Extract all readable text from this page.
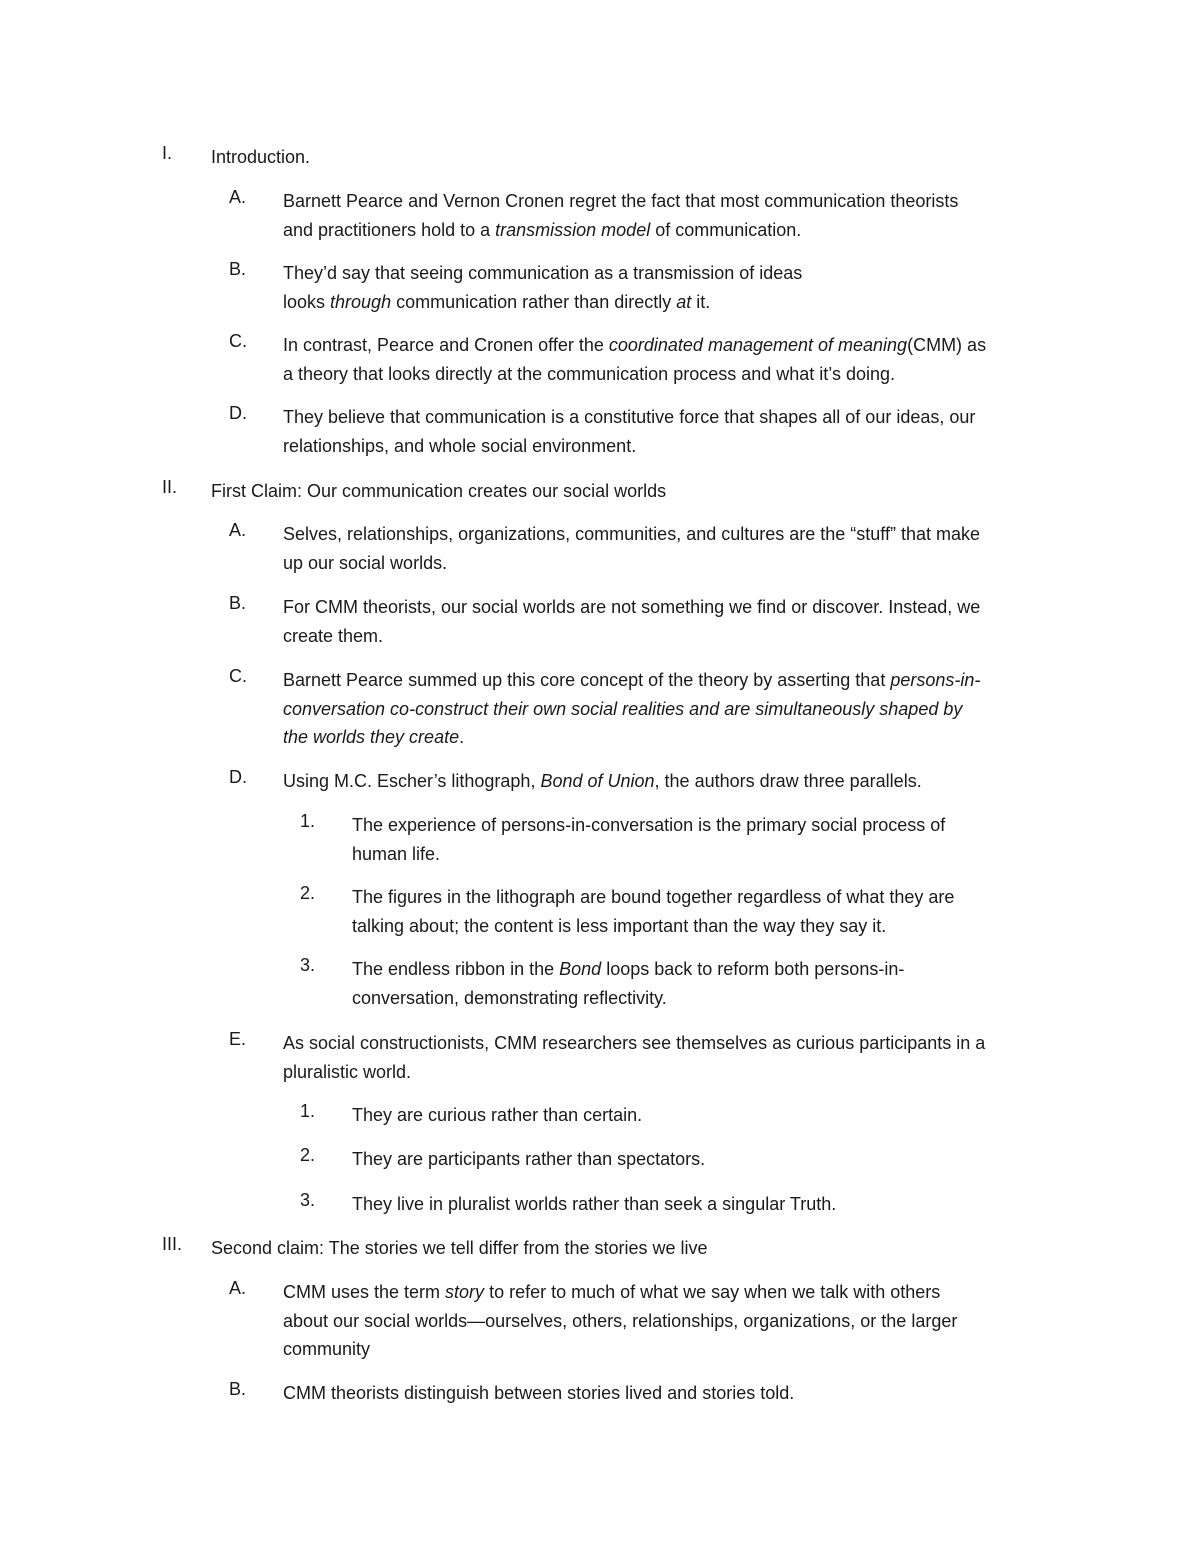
I. Introduction.
A. Barnett Pearce and Vernon Cronen regret the fact that most communication theorists
and practitioners hold to a transmission model of communication.
B. They’d say that seeing communication as a transmission of ideas
looks through communication rather than directly at it.
C. In contrast, Pearce and Cronen offer the coordinated management of meaning(CMM) as
a theory that looks directly at the communication process and what it’s doing.
D. They believe that communication is a constitutive force that shapes all of our ideas, our
relationships, and whole social environment.
II. First Claim: Our communication creates our social worlds
A. Selves, relationships, organizations, communities, and cultures are the “stuff” that make
up our social worlds.
B. For CMM theorists, our social worlds are not something we find or discover. Instead, we
create them.
C. Barnett Pearce summed up this core concept of the theory by asserting that persons-in-
conversation co-construct their own social realities and are simultaneously shaped by
the worlds they create.
D. Using M.C. Escher’s lithograph, Bond of Union, the authors draw three parallels.
1. The experience of persons-in-conversation is the primary social process of
human life.
2. The figures in the lithograph are bound together regardless of what they are
talking about; the content is less important than the way they say it.
3. The endless ribbon in the Bond loops back to reform both persons-in-
conversation, demonstrating reflectivity.
E. As social constructionists, CMM researchers see themselves as curious participants in a
pluralistic world.
1. They are curious rather than certain.
2. They are participants rather than spectators.
3. They live in pluralist worlds rather than seek a singular Truth.
III. Second claim: The stories we tell differ from the stories we live
A. CMM uses the term story to refer to much of what we say when we talk with others
about our social worlds—ourselves, others, relationships, organizations, or the larger
community
B. CMM theorists distinguish between stories lived and stories told.
